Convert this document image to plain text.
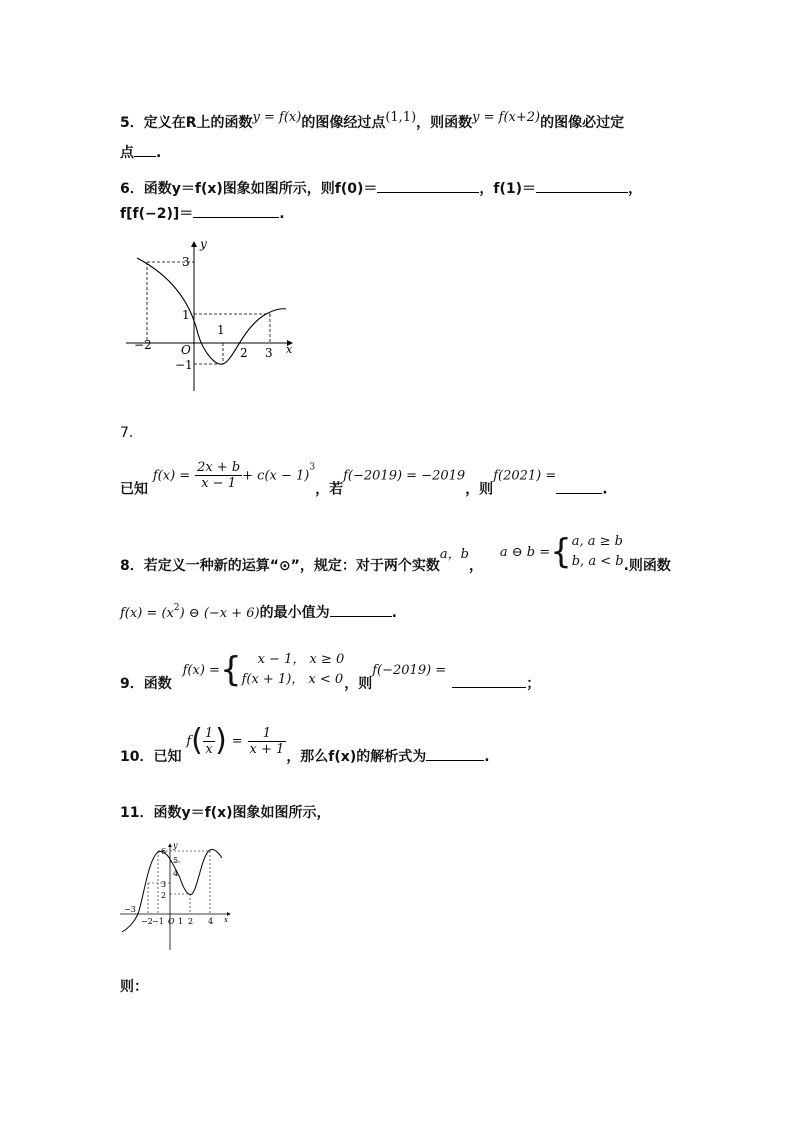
5．定义在R上的函数y = f(x)的图像经过点(1,1)，则函数y = f(x+2)的图像必过定
点 .
6．函数y＝f(x)图象如图所示，则f(0)＝	，f(1)＝	，
f[f(−2)]＝	.
y
3
1
1
O	2 3
−2
−1
x
7．
已知 $f(x) = \frac{2x + b}{x - 1} + c(x - 1)^3$，若f(−2019) = −2019，则f(2021) =.
8．若定义一种新的运算“⊙”，规定：对于两个实数a，b， a ⊖ b ={a, a ≥ b
b, a < b.则函数
$f(x) = (x^2)$ ⊖ (−x + 6)的最小值为	.
9．函数 f(x) ={ x − 1， x ≥ 0
f(x + 1)， x < 0，则f(−2019) =；
10．已知 $f( \frac{1}{x}$ ) = $\frac{1}{x + 1}$
，那么f(x)的解析式为	.
11．函数y＝f(x)图象如图所示，
y
6
5
4
3
2
−3
−2 −1 O 1 2 4 x
则：
